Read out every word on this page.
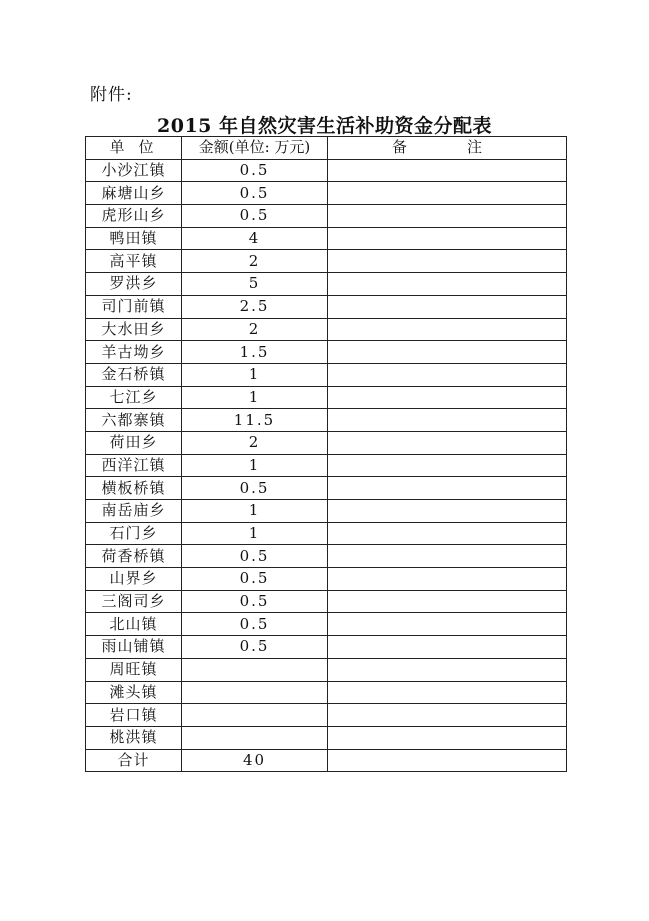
附件:
2015 年自然灾害生活补助资金分配表
单位	金额(单位: 万元)	备注
小沙江镇	0.5	
麻塘山乡	0.5	
虎形山乡	0.5	
鸭田镇	4	
高平镇	2	
罗洪乡	5	
司门前镇	2.5	
大水田乡	2	
羊古坳乡	1.5	
金石桥镇	1	
七江乡	1	
六都寨镇	11.5	
荷田乡	2	
西洋江镇	1	
横板桥镇	0.5	
南岳庙乡	1	
石门乡	1	
荷香桥镇	0.5	
山界乡	0.5	
三阁司乡	0.5	
北山镇	0.5	
雨山铺镇	0.5	
周旺镇		
滩头镇		
岩口镇		
桃洪镇		
合计	40	
